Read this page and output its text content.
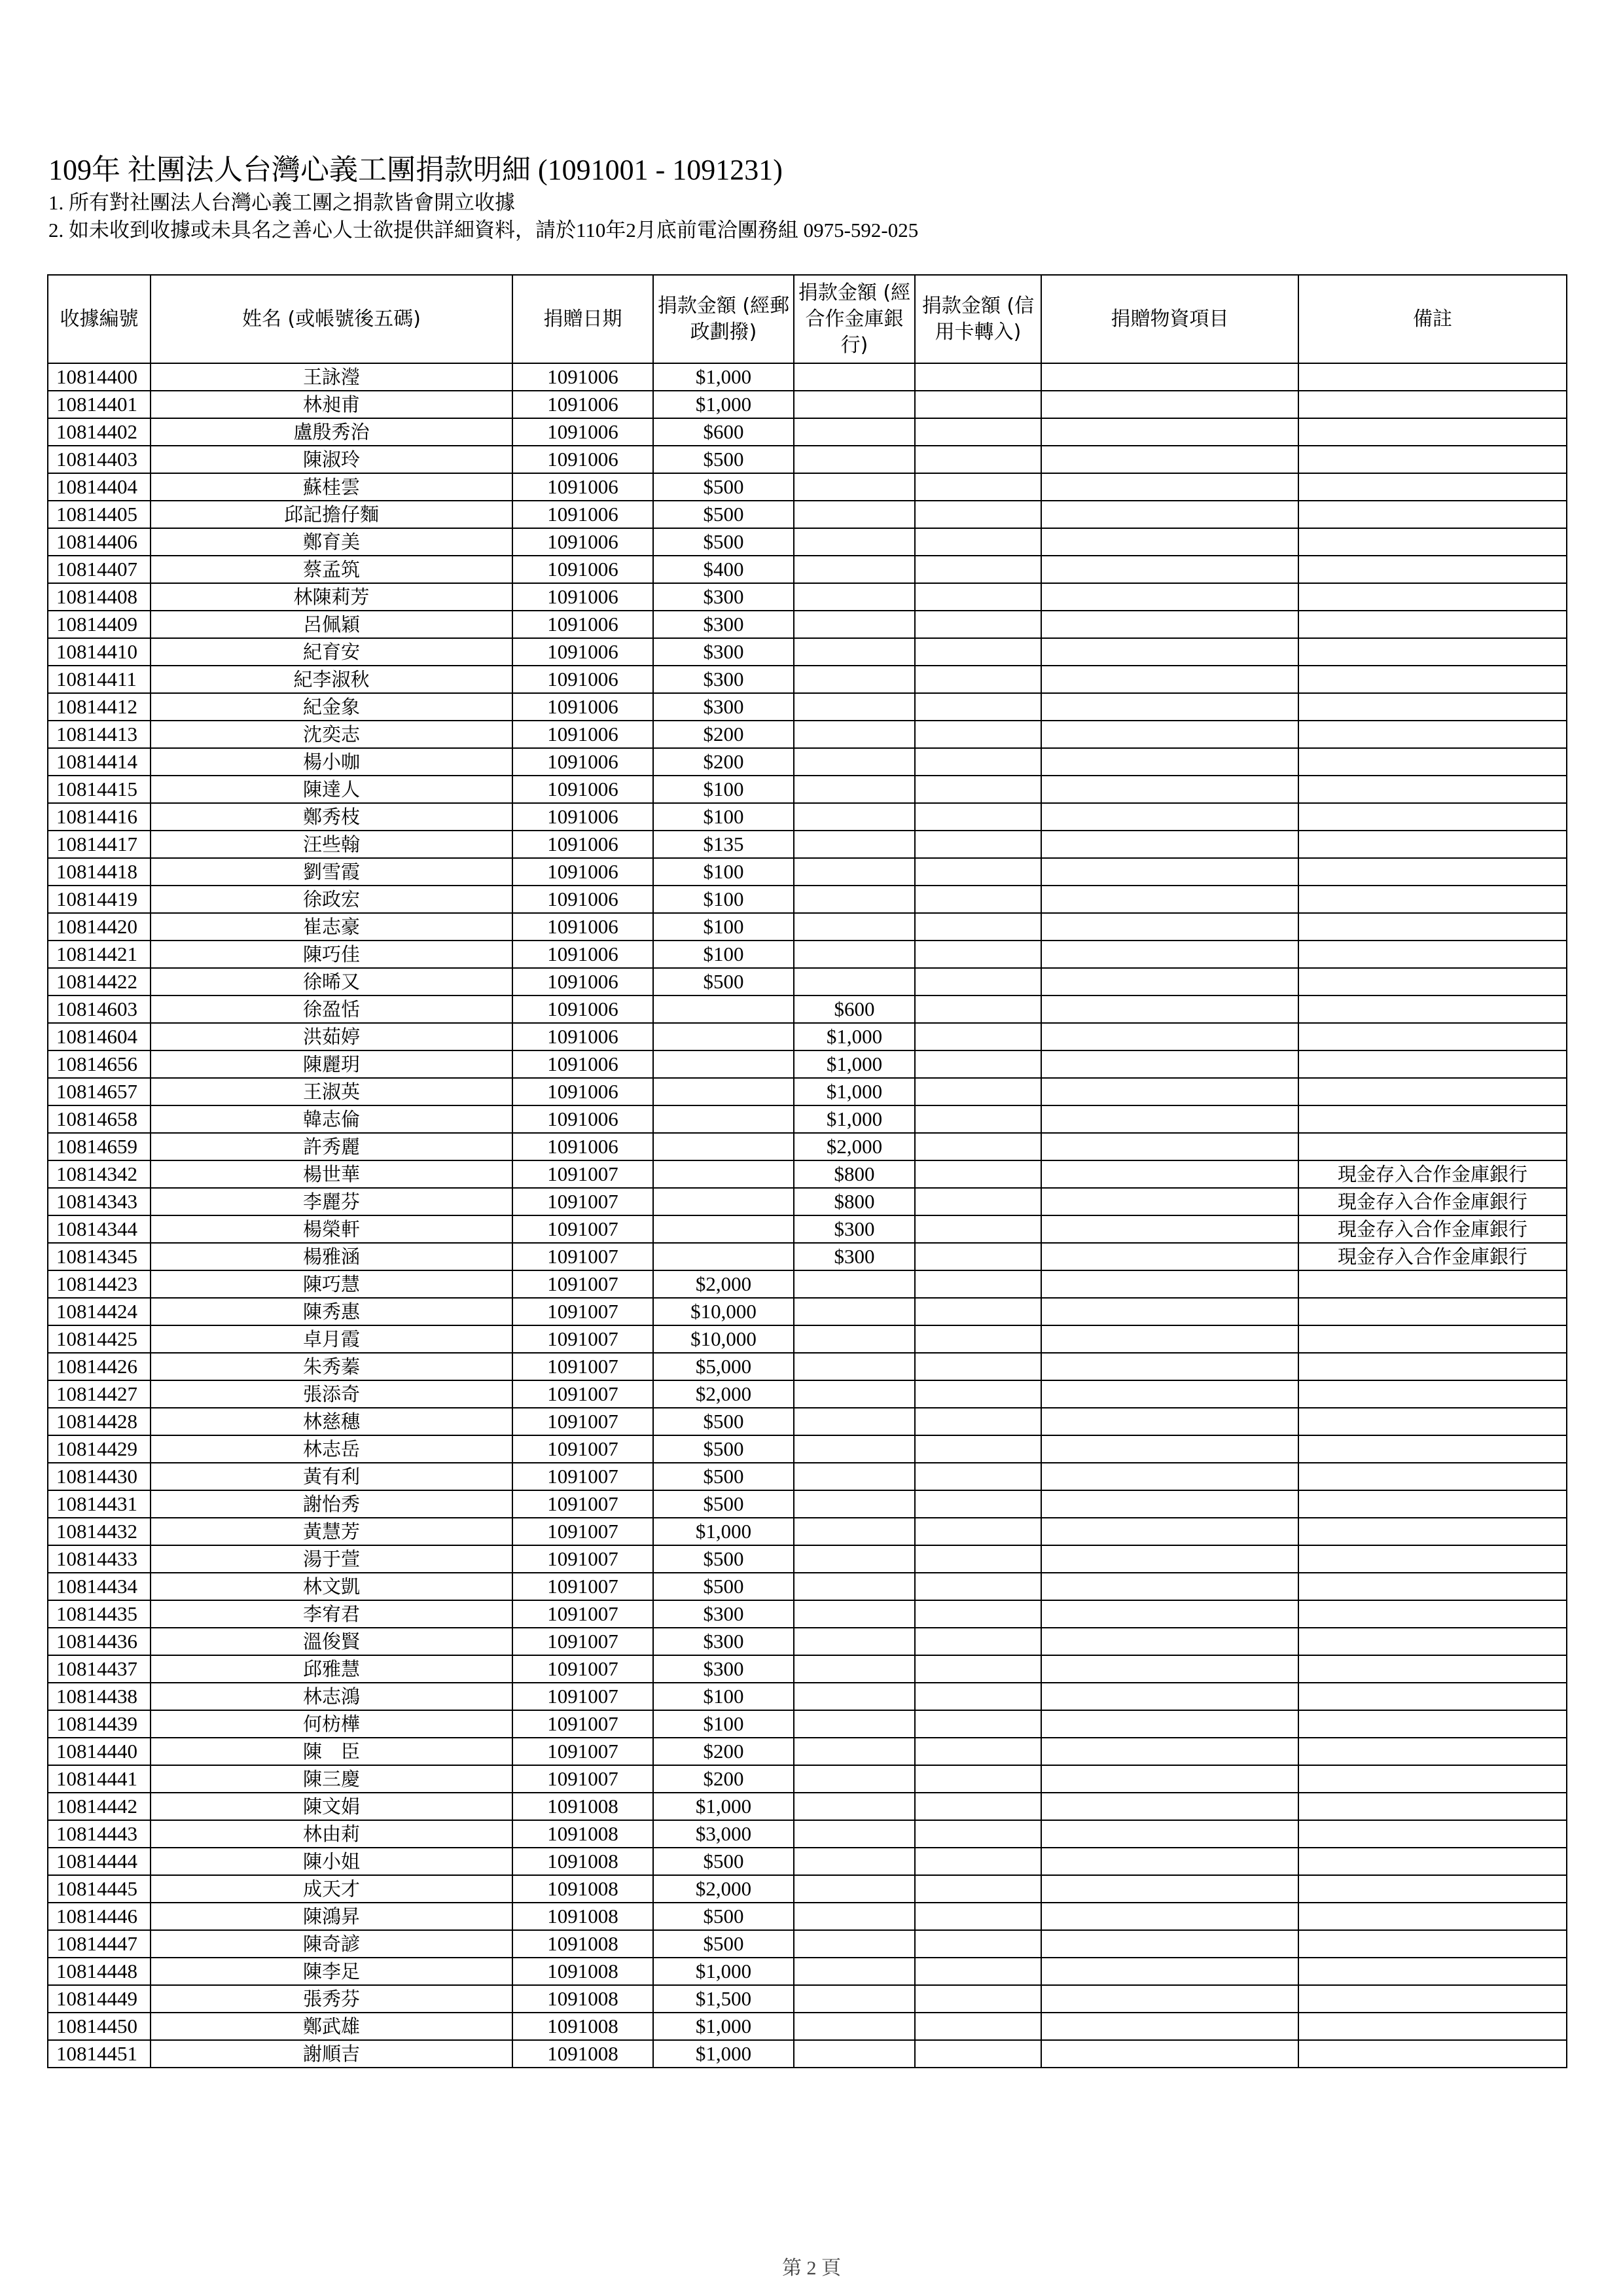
109年 社團法人台灣心義工團捐款明細 (1091001 - 1091231)
1. 所有對社團法人台灣心義工團之捐款皆會開立收據
2. 如未收到收據或未具名之善心人士欲提供詳細資料，請於110年2月底前電洽團務組 0975-592-025
收據編號	姓名 (或帳號後五碼)	捐贈日期	捐款金額 (經郵政劃撥)	捐款金額 (經合作金庫銀行)	捐款金額 (信用卡轉入)	捐贈物資項目	備註
10814400	王詠瀅	1091006	$1,000				
10814401	林昶甫	1091006	$1,000				
10814402	盧殷秀治	1091006	$600				
10814403	陳淑玲	1091006	$500				
10814404	蘇桂雲	1091006	$500				
10814405	邱記擔仔麵	1091006	$500				
10814406	鄭育美	1091006	$500				
10814407	蔡孟筑	1091006	$400				
10814408	林陳莉芳	1091006	$300				
10814409	呂佩穎	1091006	$300				
10814410	紀育安	1091006	$300				
10814411	紀李淑秋	1091006	$300				
10814412	紀金象	1091006	$300				
10814413	沈奕志	1091006	$200				
10814414	楊小咖	1091006	$200				
10814415	陳達人	1091006	$100				
10814416	鄭秀枝	1091006	$100				
10814417	汪些翰	1091006	$135				
10814418	劉雪霞	1091006	$100				
10814419	徐政宏	1091006	$100				
10814420	崔志豪	1091006	$100				
10814421	陳巧佳	1091006	$100				
10814422	徐晞又	1091006	$500				
10814603	徐盈恬	1091006		$600			
10814604	洪茹婷	1091006		$1,000			
10814656	陳麗玥	1091006		$1,000			
10814657	王淑英	1091006		$1,000			
10814658	韓志倫	1091006		$1,000			
10814659	許秀麗	1091006		$2,000			
10814342	楊世華	1091007		$800			現金存入合作金庫銀行
10814343	李麗芬	1091007		$800			現金存入合作金庫銀行
10814344	楊榮軒	1091007		$300			現金存入合作金庫銀行
10814345	楊雅涵	1091007		$300			現金存入合作金庫銀行
10814423	陳巧慧	1091007	$2,000				
10814424	陳秀惠	1091007	$10,000				
10814425	卓月霞	1091007	$10,000				
10814426	朱秀蓁	1091007	$5,000				
10814427	張添奇	1091007	$2,000				
10814428	林慈穗	1091007	$500				
10814429	林志岳	1091007	$500				
10814430	黃有利	1091007	$500				
10814431	謝怡秀	1091007	$500				
10814432	黃慧芳	1091007	$1,000				
10814433	湯于萱	1091007	$500				
10814434	林文凱	1091007	$500				
10814435	李宥君	1091007	$300				
10814436	溫俊賢	1091007	$300				
10814437	邱雅慧	1091007	$300				
10814438	林志鴻	1091007	$100				
10814439	何枋樺	1091007	$100				
10814440	陳　臣	1091007	$200				
10814441	陳三慶	1091007	$200				
10814442	陳文娟	1091008	$1,000				
10814443	林由莉	1091008	$3,000				
10814444	陳小姐	1091008	$500				
10814445	成天才	1091008	$2,000				
10814446	陳鴻昇	1091008	$500				
10814447	陳奇諺	1091008	$500				
10814448	陳李足	1091008	$1,000				
10814449	張秀芬	1091008	$1,500				
10814450	鄭武雄	1091008	$1,000				
10814451	謝順吉	1091008	$1,000				
第 2 頁
